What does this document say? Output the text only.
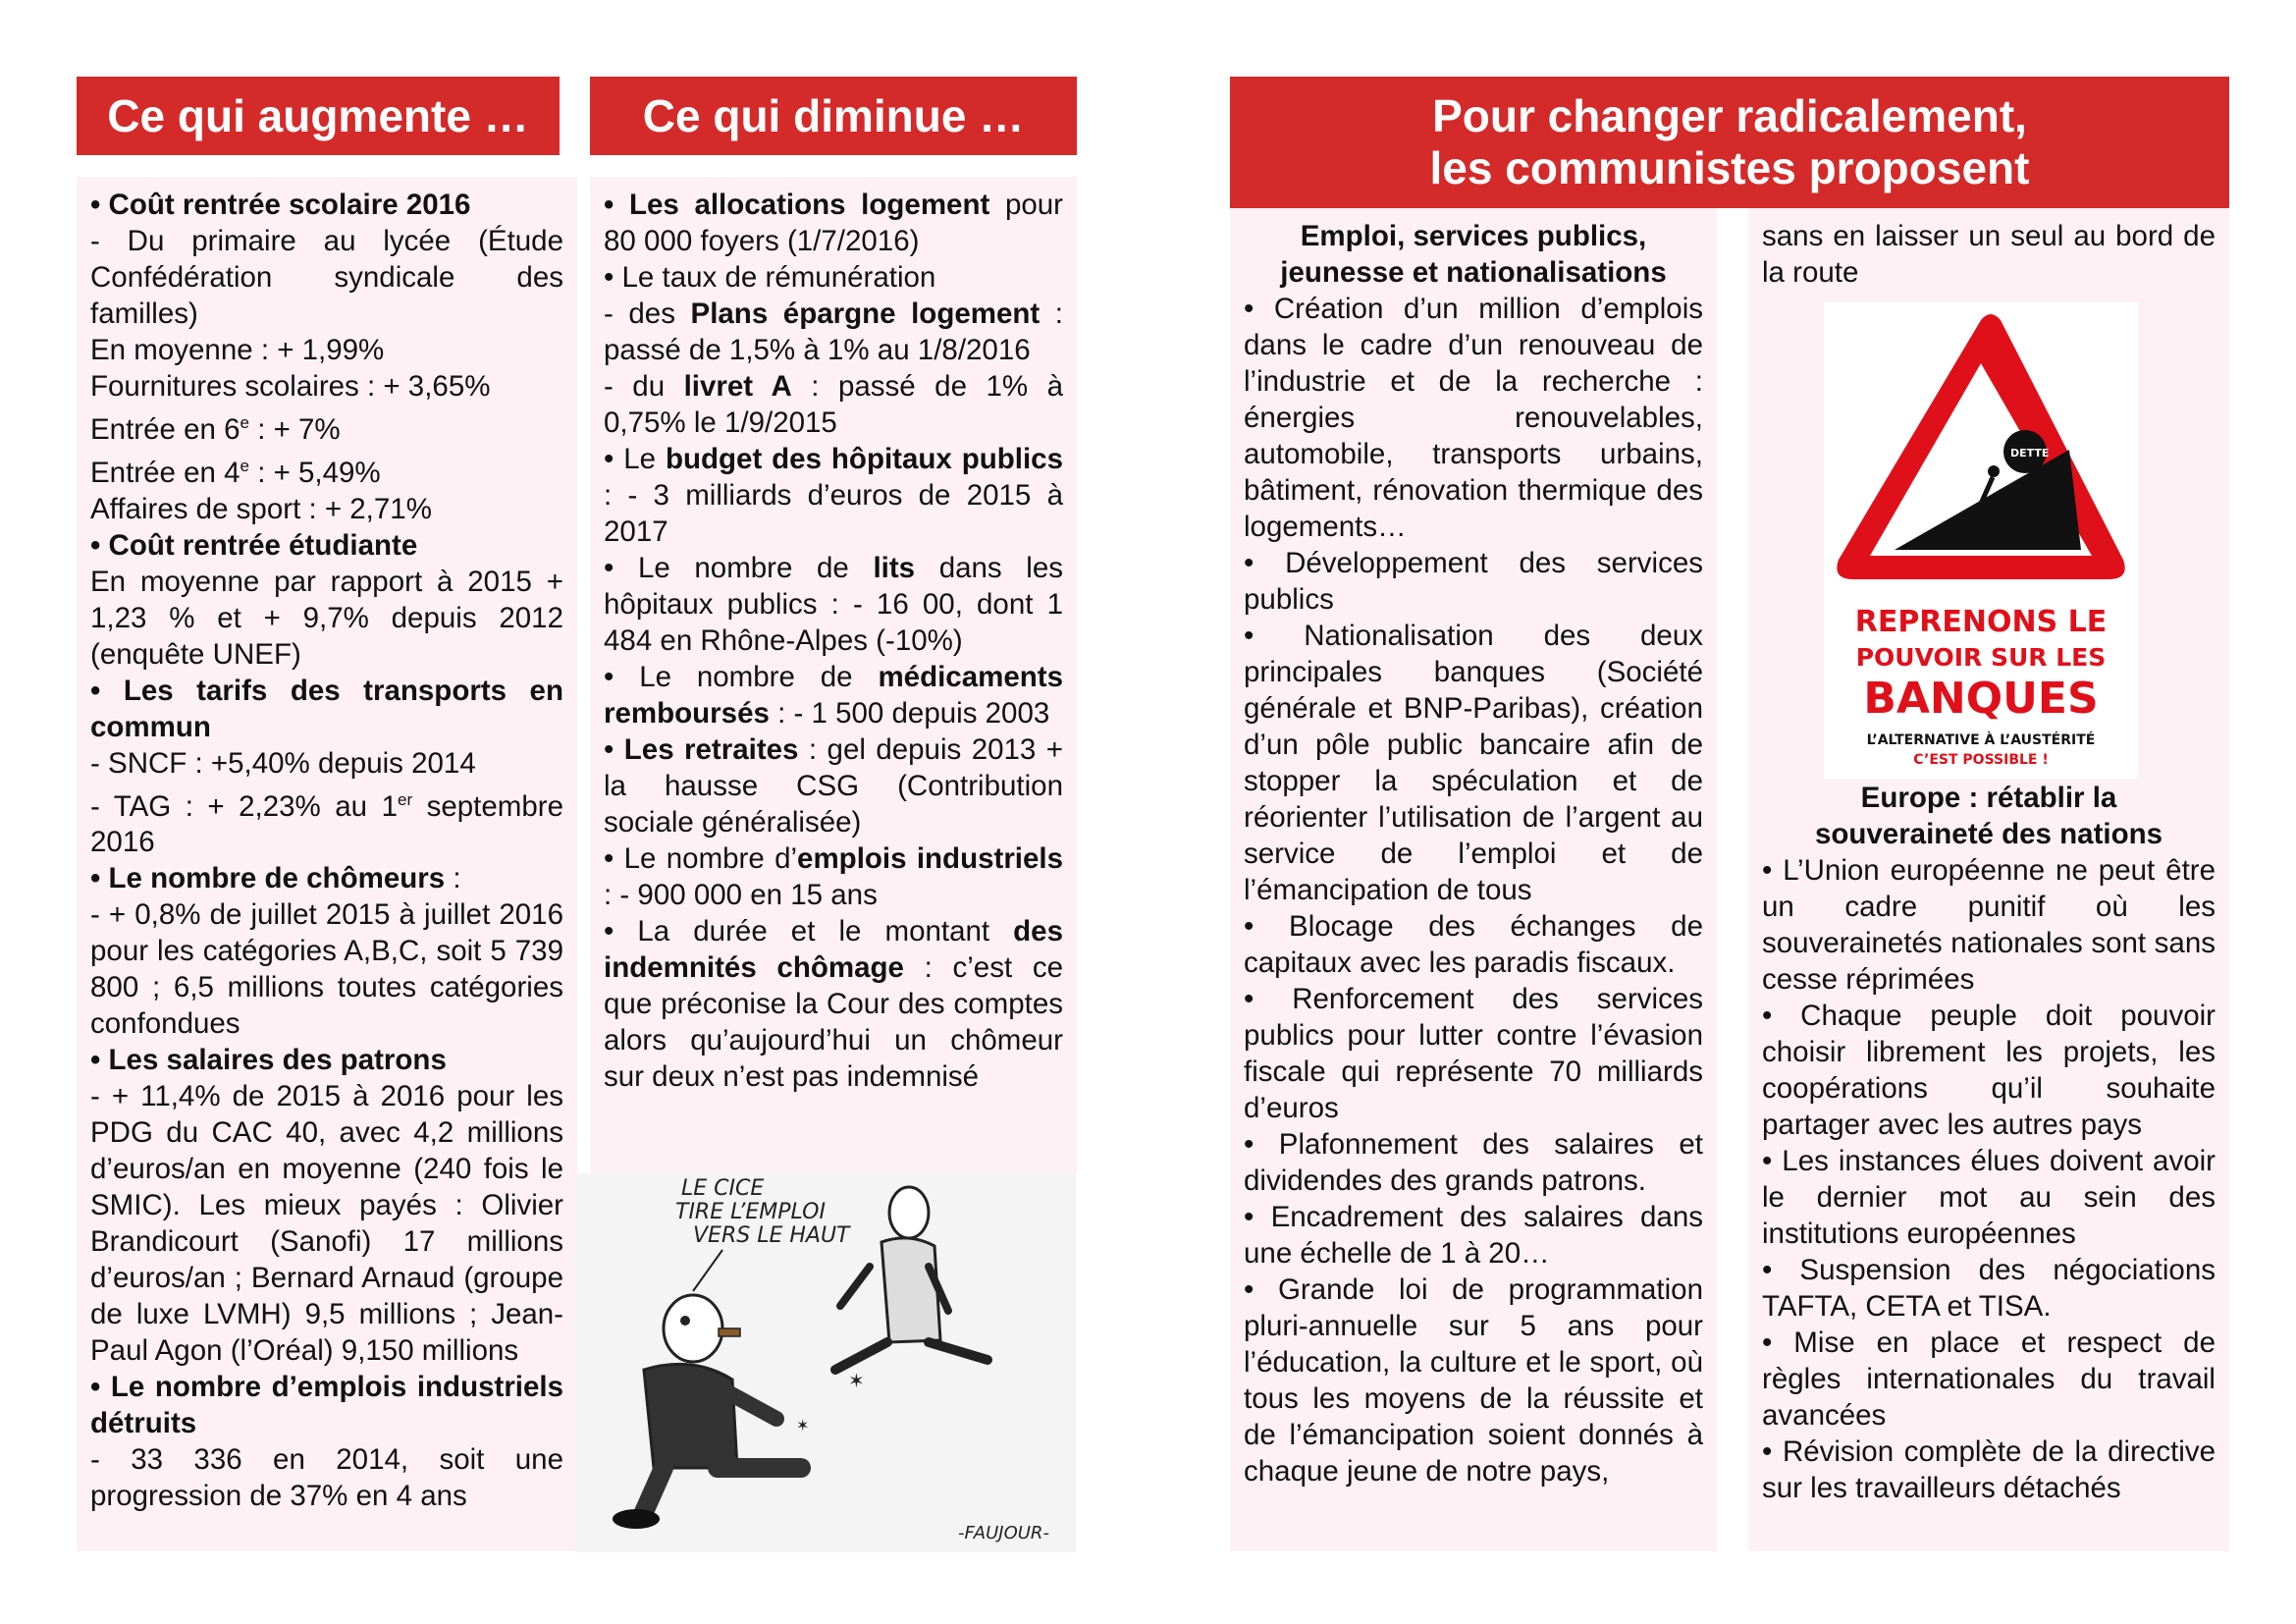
Ce qui augmente …	Ce qui diminue …	Pour changer radicalement,
les communistes proposent

• Coût rentrée scolaire 2016

- Du primaire au lycée (Étude Confédération syndicale des familles)

En moyenne : + 1,99%

Fournitures scolaires : + 3,65%

Entrée en 6e : + 7%

Entrée en 4e : + 5,49%

Affaires de sport : + 2,71%

• Coût rentrée étudiante

En moyenne par rapport à 2015 + 1,23 % et + 9,7% depuis 2012 (enquête UNEF)

• Les tarifs des transports en commun

- SNCF : +5,40% depuis 2014

- TAG : + 2,23% au 1er septembre 2016

• Le nombre de chômeurs :

- + 0,8% de juillet 2015 à juillet 2016 pour les catégories A,B,C, soit 5 739 800 ; 6,5 millions toutes catégories confondues

• Les salaires des patrons

- + 11,4% de 2015 à 2016 pour les PDG du CAC 40, avec 4,2 millions d’euros/an en moyenne (240 fois le SMIC). Les mieux payés : Olivier Brandicourt (Sanofi) 17 millions d’euros/an ; Bernard Arnaud (groupe de luxe LVMH) 9,5 millions ; Jean-Paul Agon (l’Oréal) 9,150 millions

• Le nombre d’emplois industriels détruits

- 33 336 en 2014, soit une progression de 37% en 4 ans

• Les allocations logement pour 80 000 foyers (1/7/2016)

• Le taux de rémunération

- des Plans épargne logement : passé de 1,5% à 1% au 1/8/2016

- du livret A : passé de 1% à 0,75% le 1/9/2015

• Le budget des hôpitaux publics : - 3 milliards d’euros de 2015 à 2017

• Le nombre de lits dans les hôpitaux publics : - 16 00, dont 1 484 en Rhône-Alpes (-10%)

• Le nombre de médicaments remboursés : - 1 500 depuis 2003

• Les retraites : gel depuis 2013 + la hausse CSG (Contribution sociale généralisée)

• Le nombre d’emplois industriels : - 900 000 en 15 ans

• La durée et le montant des indemnités chômage : c’est ce que préconise la Cour des comptes alors qu’aujourd’hui un chômeur sur deux n’est pas indemnisé

LE CICE
TIRE L’EMPLOI
VERS LE HAUT
✶
✶
-FAUJOUR-

Emploi, services publics,

jeunesse et nationalisations

• Création d’un million d’emplois dans le cadre d’un renouveau de l’industrie et de la recherche : énergies renouvelables, automobile, transports urbains, bâtiment, rénovation thermique des logements…

• Développement des services publics

• Nationalisation des deux principales banques (Société générale et BNP-Paribas), création d’un pôle public bancaire afin de stopper la spéculation et de réorienter l’utilisation de l’argent au service de l’emploi et de l’émancipation de tous

• Blocage des échanges de capitaux avec les paradis fiscaux.

• Renforcement des services publics pour lutter contre l’évasion fiscale qui représente 70 milliards d’euros

• Plafonnement des salaires et dividendes des grands patrons.

• Encadrement des salaires dans une échelle de 1 à 20…

• Grande loi de programmation pluri-annuelle sur 5 ans pour l’éducation, la culture et le sport, où tous les moyens de la réussite et de l’émancipation soient donnés à chaque jeune de notre pays,

sans en laisser un seul au bord de la route

Europe : rétablir la

souveraineté des nations

• L’Union européenne ne peut être un cadre punitif où les souverainetés nationales sont sans cesse réprimées

• Chaque peuple doit pouvoir choisir librement les projets, les coopérations qu’il souhaite partager avec les autres pays

• Les instances élues doivent avoir le dernier mot au sein des institutions européennes

• Suspension des négociations TAFTA, CETA et TISA.

• Mise en place et respect de règles internationales du travail avancées

• Révision complète de la directive sur les travailleurs détachés

DETTE
REPRENONS LE
POUVOIR SUR LES
BANQUES
L’ALTERNATIVE À L’AUSTÉRITÉ
C’EST POSSIBLE !
